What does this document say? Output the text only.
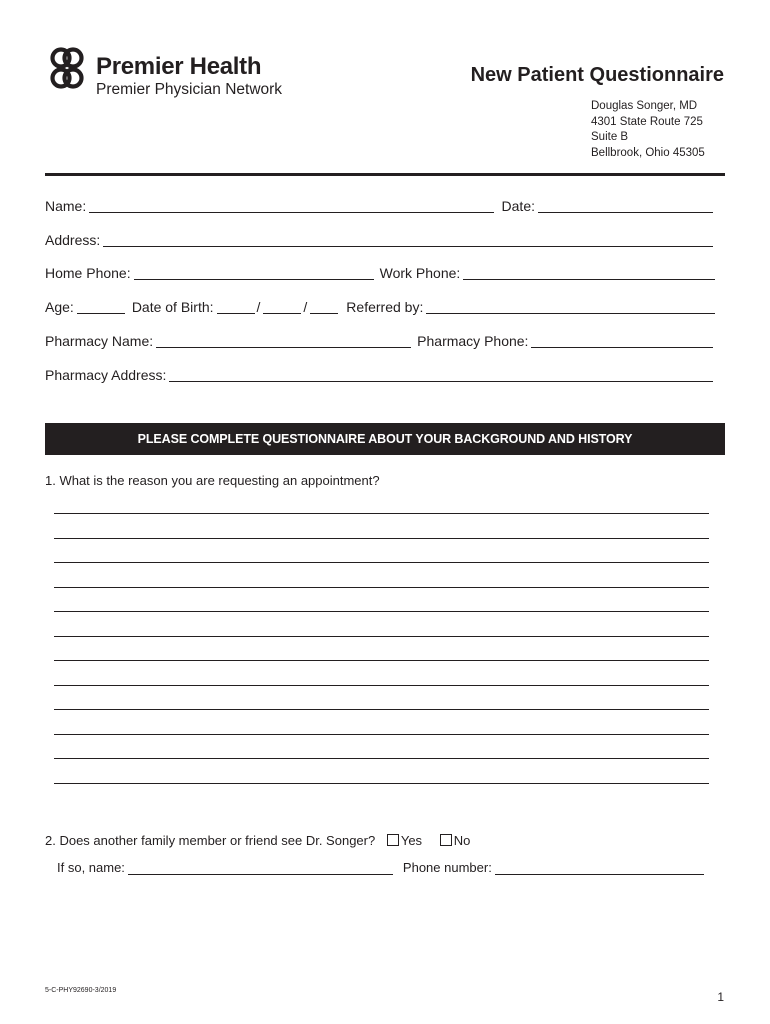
Premier Health
Premier Physician Network
New Patient Questionnaire
Douglas Songer, MD
4301 State Route 725
Suite B
Bellbrook, Ohio 45305
Name:	Date:
Address:
Home Phone:	Work Phone:
Age:	Date of Birth:	/	/	Referred by:
Pharmacy Name:	Pharmacy Phone:
Pharmacy Address:
PLEASE COMPLETE QUESTIONNAIRE ABOUT YOUR BACKGROUND AND HISTORY
1. What is the reason you are requesting an appointment?
2. Does another family member or friend see Dr. Songer? Yes No
If so, name:	Phone number:
5-C-PHY92690-3/2019	1
